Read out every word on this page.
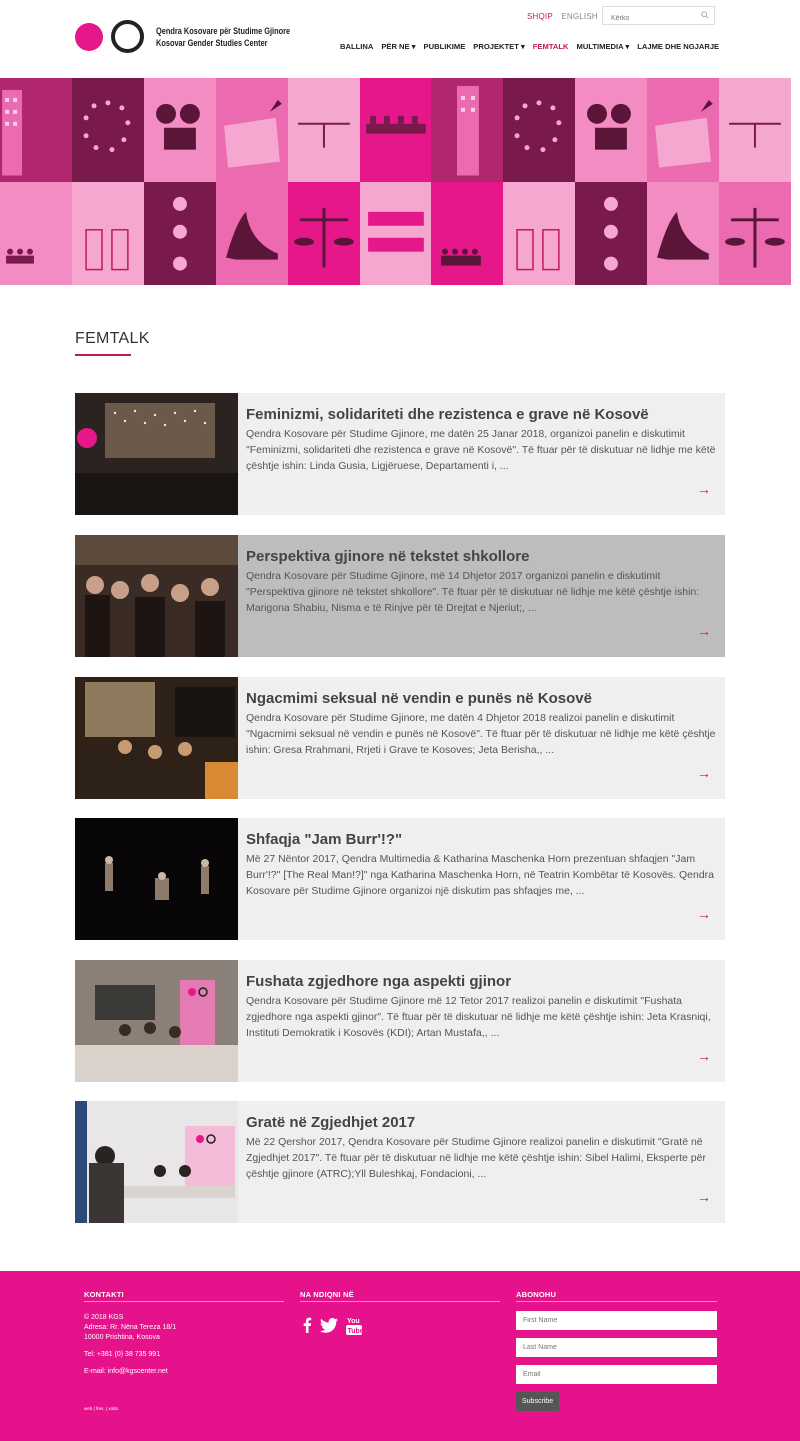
Qendra Kosovare për Studime Gjinore
Kosovar Gender Studies Center
SHQIP ENGLISH
Kërko
BALLINA PËR NE ▾ PUBLIKIME PROJEKTET ▾ FEMTALK MULTIMEDIA ▾ LAJME DHE NGJARJE
FEMTALK
Feminizmi, solidariteti dhe rezistenca e grave në Kosovë
Qendra Kosovare për Studime Gjinore, me datën 25 Janar 2018, organizoi panelin e diskutimit "Feminizmi, solidariteti dhe rezistenca e grave në Kosovë". Të ftuar për të diskutuar në lidhje me këtë çështje ishin: Linda Gusia, Ligjëruese, Departamenti i, ...
→
Perspektiva gjinore në tekstet shkollore
Qendra Kosovare për Studime Gjinore, më 14 Dhjetor 2017 organizoi panelin e diskutimit "Perspektiva gjinore në tekstet shkollore". Të ftuar për të diskutuar në lidhje me këtë çështje ishin: Marigona Shabiu, Nisma e të Rinjve për të Drejtat e Njeriut;, ...
→
Ngacmimi seksual në vendin e punës në Kosovë
Qendra Kosovare për Studime Gjinore, me datën 4 Dhjetor 2018 realizoi panelin e diskutimit "Ngacmimi seksual në vendin e punës në Kosovë". Të ftuar për të diskutuar në lidhje me këtë çështje ishin: Gresa Rrahmani, Rrjeti i Grave te Kosoves; Jeta Berisha,, ...
→
Shfaqja "Jam Burr'!?"
Më 27 Nëntor 2017, Qendra Multimedia & Katharina Maschenka Horn prezentuan shfaqjen "Jam Burr'!?" [The Real Man!?]" nga Katharina Maschenka Horn, në Teatrin Kombëtar të Kosovës. Qendra Kosovare për Studime Gjinore organizoi një diskutim pas shfaqjes me, ...
→
Fushata zgjedhore nga aspekti gjinor
Qendra Kosovare për Studime Gjinore më 12 Tetor 2017 realizoi panelin e diskutimit "Fushata zgjedhore nga aspekti gjinor". Të ftuar për të diskutuar në lidhje me këtë çështje ishin: Jeta Krasniqi, Instituti Demokratik i Kosovës (KDI); Artan Mustafa,, ...
→
Gratë në Zgjedhjet 2017
Më 22 Qershor 2017, Qendra Kosovare për Studime Gjinore realizoi panelin e diskutimit "Gratë në Zgjedhjet 2017". Të ftuar për të diskutuar në lidhje me këtë çështje ishin: Sibel Halimi, Eksperte për çështje gjinore (ATRC);Yll Buleshkaj, Fondacioni, ...
→
KONTAKTI
© 2018 KGS
Adresa: Rr. Nëna Tereza 18/1
10000 Prishtina, Kosova
Tel: +381 (0) 38 735 991
E-mail: info@kgscenter.net
NA NDIQNI NË
You
Tube
ABONOHU
First Name
Last Name
Email
Subscribe
web | fres. | xolta
